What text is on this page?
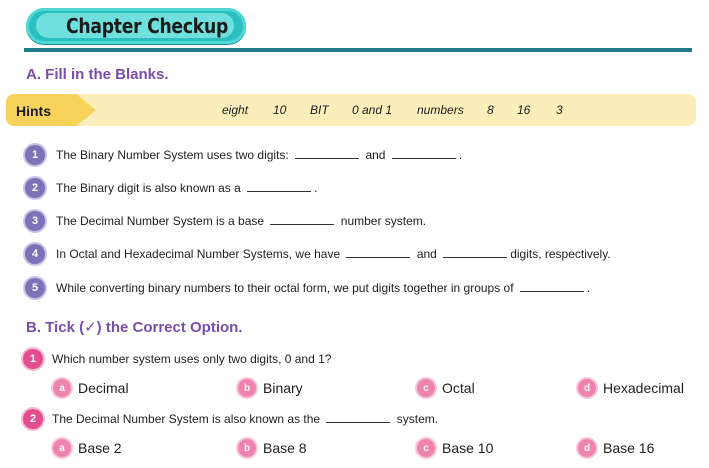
Chapter Checkup
A. Fill in the Blanks.
Hints	eight 10 BIT 0 and 1 numbers 8 16 3
1	The Binary Number System uses two digits:	and	.
2	The Binary digit is also known as a	.
3	The Decimal Number System is a base	number system.
4	In Octal and Hexadecimal Number Systems, we have	and	digits, respectively.
5	While converting binary numbers to their octal form, we put digits together in groups of	.
B. Tick (✓) the Correct Option.
1	Which number system uses only two digits, 0 and 1?
a Decimal	b Binary	c Octal	d Hexadecimal
2	The Decimal Number System is also known as the	system.
a Base 2	b Base 8	c Base 10	d Base 16
